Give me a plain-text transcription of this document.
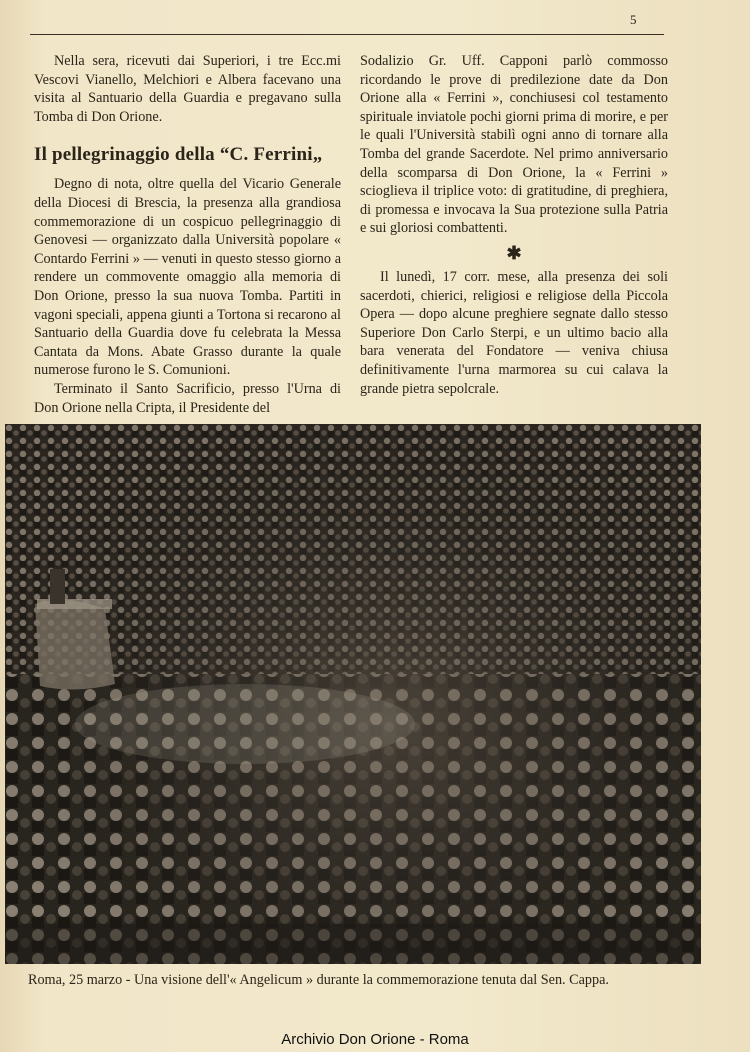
5

Nella sera, ricevuti dai Superiori, i tre Ecc.mi Vescovi Vianello, Melchiori e Albera facevano una visita al Santuario della Guardia e pregavano sulla Tomba di Don Orione.

Il pellegrinaggio della “C. Ferrini„

Degno di nota, oltre quella del Vicario Generale della Diocesi di Brescia, la presenza alla grandiosa commemorazione di un cospicuo pellegrinaggio di Genovesi — organizzato dalla Università popolare « Contardo Ferrini » — venuti in questo stesso giorno a rendere un commovente omaggio alla memoria di Don Orione, presso la sua nuova Tomba. Partiti in vagoni speciali, appena giunti a Tortona si recarono al Santuario della Guardia dove fu celebrata la Messa Cantata da Mons. Abate Grasso durante la quale numerose furono le S. Comunioni.

Terminato il Santo Sacrificio, presso l'Urna di Don Orione nella Cripta, il Presidente del

Sodalizio Gr. Uff. Capponi parlò commosso ricordando le prove di predilezione date da Don Orione alla « Ferrini », conchiusesi col testamento spirituale inviatole pochi giorni prima di morire, e per le quali l'Università stabilì ogni anno di tornare alla Tomba del grande Sacerdote. Nel primo anniversario della scomparsa di Don Orione, la « Ferrini » scioglieva il triplice voto: di gratitudine, di preghiera, di promessa e invocava la Sua protezione sulla Patria e sui gloriosi combattenti.

✱

Il lunedì, 17 corr. mese, alla presenza dei soli sacerdoti, chierici, religiosi e religiose della Piccola Opera — dopo alcune preghiere segnate dallo stesso Superiore Don Carlo Sterpi, e un ultimo bacio alla bara venerata del Fondatore — veniva chiusa definitivamente l'urna marmorea su cui calava la grande pietra sepolcrale.

Roma, 25 marzo - Una visione dell'« Angelicum » durante la commemorazione tenuta dal Sen. Cappa.
Archivio Don Orione - Roma
